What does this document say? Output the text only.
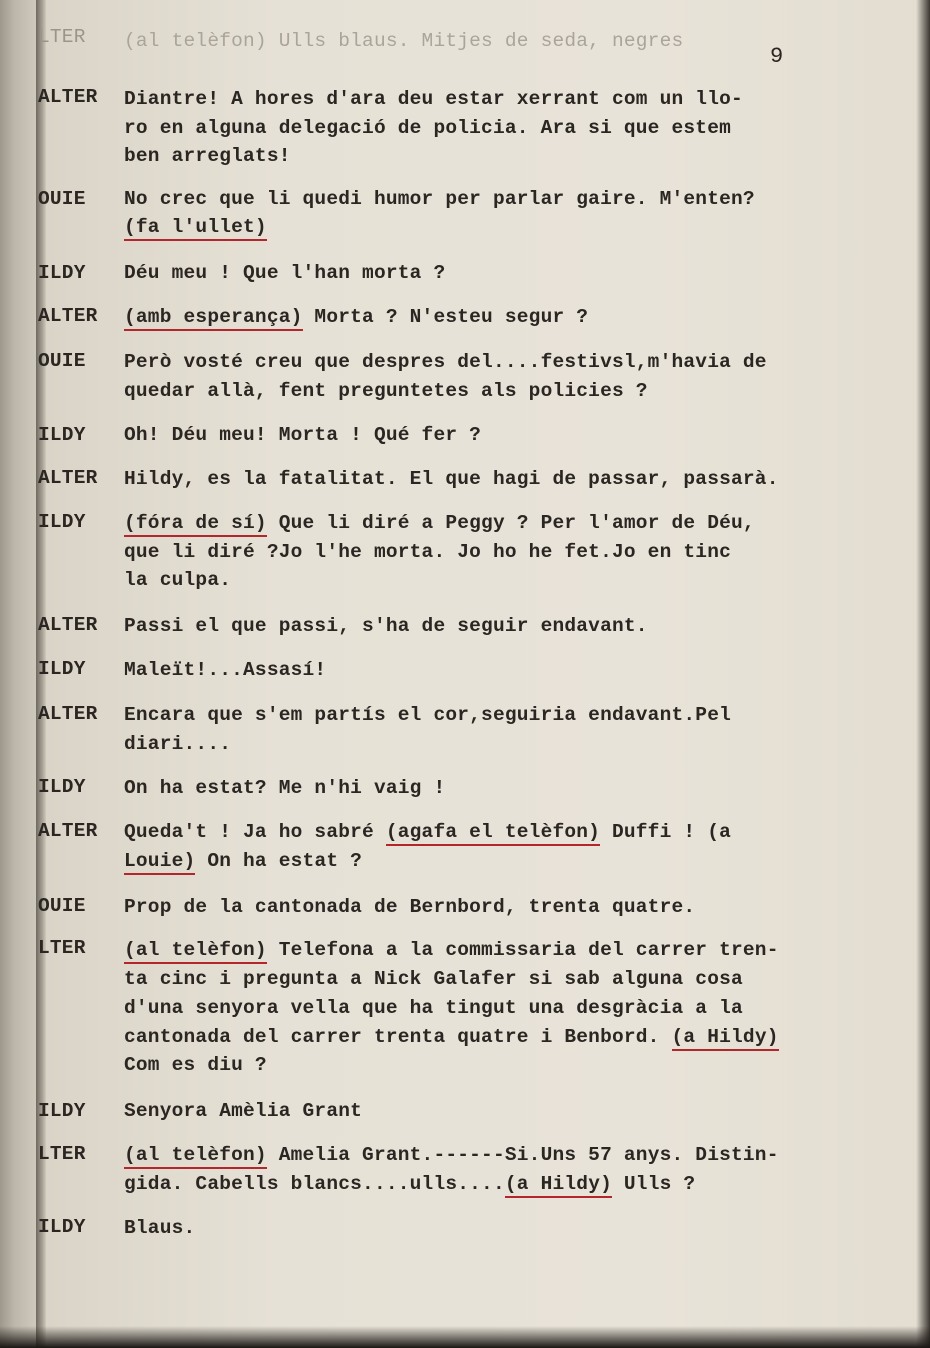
9
LTER
ALTER
OUIE
ILDY
ALTER
OUIE
ILDY
ALTER
ILDY
ALTER
ILDY
ALTER
ILDY
ALTER
OUIE
LTER
ILDY
LTER
ILDY
(al telèfon) Ulls blaus. Mitjes de seda, negres
Diantre! A hores d'ara deu estar xerrant com un llo-
ro en alguna delegació de policia. Ara si que estem
ben arreglats!
No crec que li quedi humor per parlar gaire. M'enten?
(fa l'ullet)
Déu meu ! Que l'han morta ?
(amb esperança) Morta ? N'esteu segur ?
Però vosté creu que despres del....festivsl,m'havia de
quedar allà, fent preguntetes als policies ?
Oh! Déu meu! Morta ! Qué fer ?
Hildy, es la fatalitat. El que hagi de passar, passarà.
(fóra de sí) Que li diré a Peggy ? Per l'amor de Déu,
que li diré ?Jo l'he morta. Jo ho he fet.Jo en tinc
la culpa.
Passi el que passi, s'ha de seguir endavant.
Maleït!...Assasí!
Encara que s'em partís el cor,seguiria endavant.Pel
diari....
On ha estat? Me n'hi vaig !
Queda't ! Ja ho sabré (agafa el telèfon) Duffi ! (a
Louie) On ha estat ?
Prop de la cantonada de Bernbord, trenta quatre.
(al telèfon) Telefona a la commissaria del carrer tren-
ta cinc i pregunta a Nick Galafer si sab alguna cosa
d'una senyora vella que ha tingut una desgràcia a la
cantonada del carrer trenta quatre i Benbord. (a Hildy)
Com es diu ?
Senyora Amèlia Grant
(al telèfon) Amelia Grant.------Si.Uns 57 anys. Distin-
gida. Cabells blancs....ulls....(a Hildy) Ulls ?
Blaus.
